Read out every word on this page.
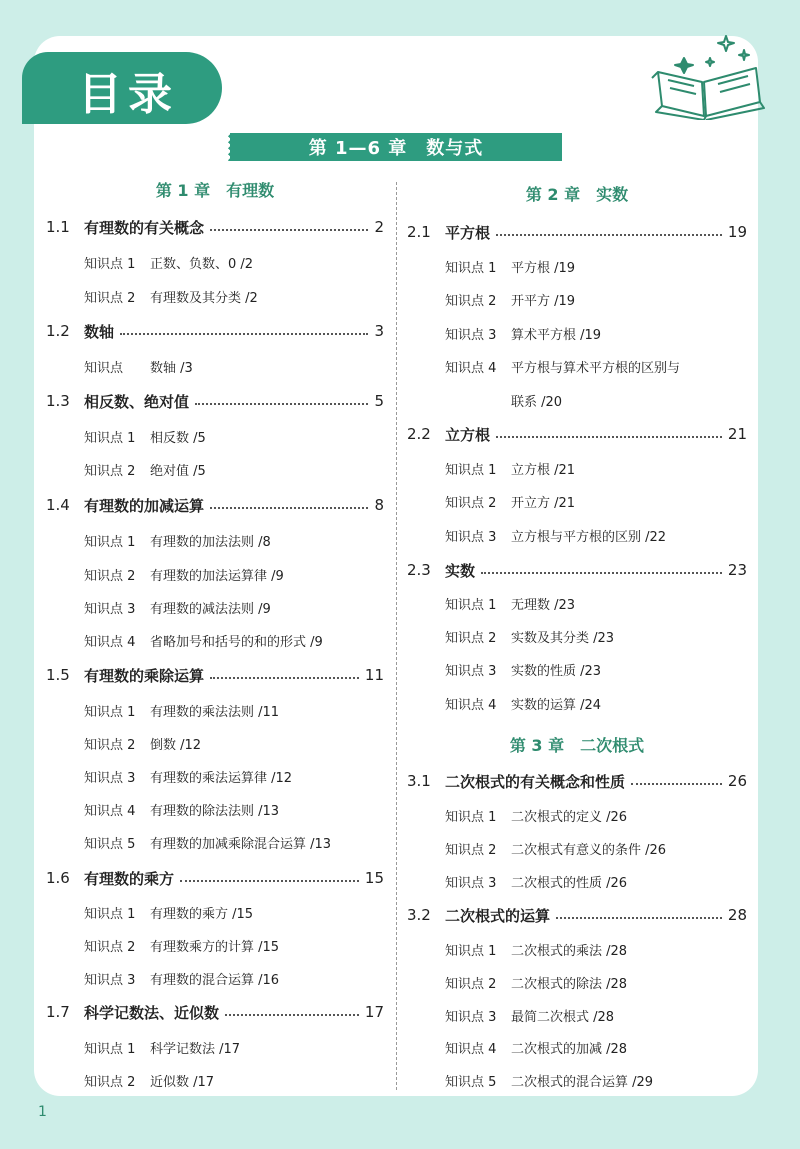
目录
第 1—6 章　数与式
第 1 章　有理数
1.1 有理数的有关概念	2
知识点 1	正数、负数、0 /2
知识点 2	有理数及其分类 /2
1.2 数轴	3
知识点	数轴 /3
1.3 相反数、绝对值	5
知识点 1	相反数 /5
知识点 2	绝对值 /5
1.4 有理数的加减运算	8
知识点 1	有理数的加法法则 /8
知识点 2	有理数的加法运算律 /9
知识点 3	有理数的减法法则 /9
知识点 4	省略加号和括号的和的形式 /9
1.5 有理数的乘除运算	11
知识点 1	有理数的乘法法则 /11
知识点 2	倒数 /12
知识点 3	有理数的乘法运算律 /12
知识点 4	有理数的除法法则 /13
知识点 5	有理数的加减乘除混合运算 /13
1.6 有理数的乘方	15
知识点 1	有理数的乘方 /15
知识点 2	有理数乘方的计算 /15
知识点 3	有理数的混合运算 /16
1.7 科学记数法、近似数	17
知识点 1	科学记数法 /17
知识点 2	近似数 /17
第 2 章　实数
2.1 平方根	19
知识点 1	平方根 /19
知识点 2	开平方 /19
知识点 3	算术平方根 /19
知识点 4	平方根与算术平方根的区别与
联系 /20
2.2 立方根	21
知识点 1	立方根 /21
知识点 2	开立方 /21
知识点 3	立方根与平方根的区别 /22
2.3 实数	23
知识点 1	无理数 /23
知识点 2	实数及其分类 /23
知识点 3	实数的性质 /23
知识点 4	实数的运算 /24
第 3 章　二次根式
3.1 二次根式的有关概念和性质	26
知识点 1	二次根式的定义 /26
知识点 2	二次根式有意义的条件 /26
知识点 3	二次根式的性质 /26
3.2 二次根式的运算	28
知识点 1	二次根式的乘法 /28
知识点 2	二次根式的除法 /28
知识点 3	最简二次根式 /28
知识点 4	二次根式的加减 /28
知识点 5	二次根式的混合运算 /29
1
